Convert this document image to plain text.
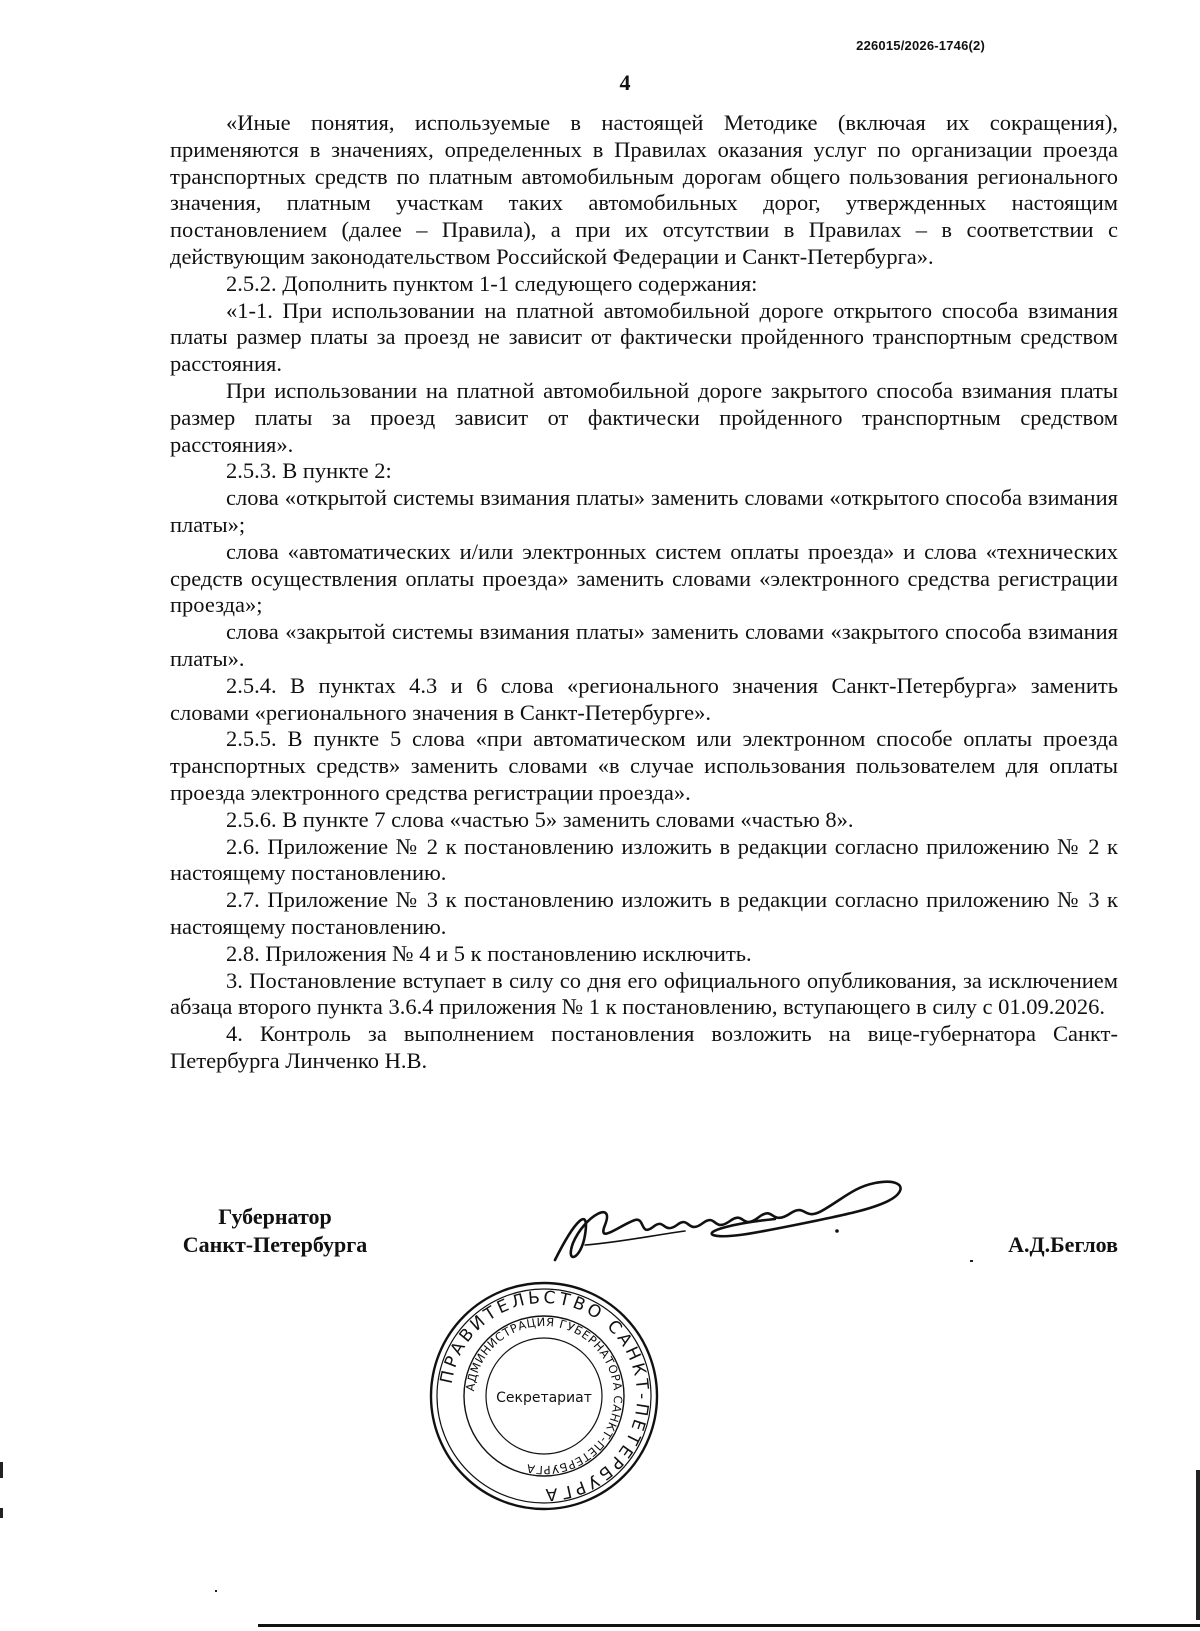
226015/2026-1746(2)
4

«Иные понятия, используемые в настоящей Методике (включая их сокращения), применяются в значениях, определенных в Правилах оказания услуг по организации проезда транспортных средств по платным автомобильным дорогам общего пользования регионального значения, платным участкам таких автомобильных дорог, утвержденных настоящим постановлением (далее – Правила), а при их отсутствии в Правилах – в соответствии с действующим законодательством Российской Федерации и Санкт-Петербурга».

2.5.2. Дополнить пунктом 1-1 следующего содержания:

«1-1. При использовании на платной автомобильной дороге открытого способа взимания платы размер платы за проезд не зависит от фактически пройденного транспортным средством расстояния.

При использовании на платной автомобильной дороге закрытого способа взимания платы размер платы за проезд зависит от фактически пройденного транспортным средством расстояния».

2.5.3. В пункте 2:

слова «открытой системы взимания платы» заменить словами «открытого способа взимания платы»;

слова «автоматических и/или электронных систем оплаты проезда» и слова «технических средств осуществления оплаты проезда» заменить словами «электронного средства регистрации проезда»;

слова «закрытой системы взимания платы» заменить словами «закрытого способа взимания платы».

2.5.4. В пунктах 4.3 и 6 слова «регионального значения Санкт-Петербурга» заменить словами «регионального значения в Санкт-Петербурге».

2.5.5. В пункте 5 слова «при автоматическом или электронном способе оплаты проезда транспортных средств» заменить словами «в случае использования пользователем для оплаты проезда электронного средства регистрации проезда».

2.5.6. В пункте 7 слова «частью 5» заменить словами «частью 8».

2.6. Приложение № 2 к постановлению изложить в редакции согласно приложению № 2 к настоящему постановлению.

2.7. Приложение № 3 к постановлению изложить в редакции согласно приложению № 3 к настоящему постановлению.

2.8. Приложения № 4 и 5 к постановлению исключить.

3. Постановление вступает в силу со дня его официального опубликования, за исключением абзаца второго пункта 3.6.4 приложения № 1 к постановлению, вступающего в силу с 01.09.2026.

4. Контроль за выполнением постановления возложить на вице-губернатора Санкт-Петербурга Линченко Н.В.

Губернатор
Санкт-Петербурга	А.Д.Беглов
ПРАВИТЕЛЬСТВО САНКТ-ПЕТЕРБУРГА
АДМИНИСТРАЦИЯ ГУБЕРНАТОРА САНКТ-ПЕТЕРБУРГА
Секретариат
